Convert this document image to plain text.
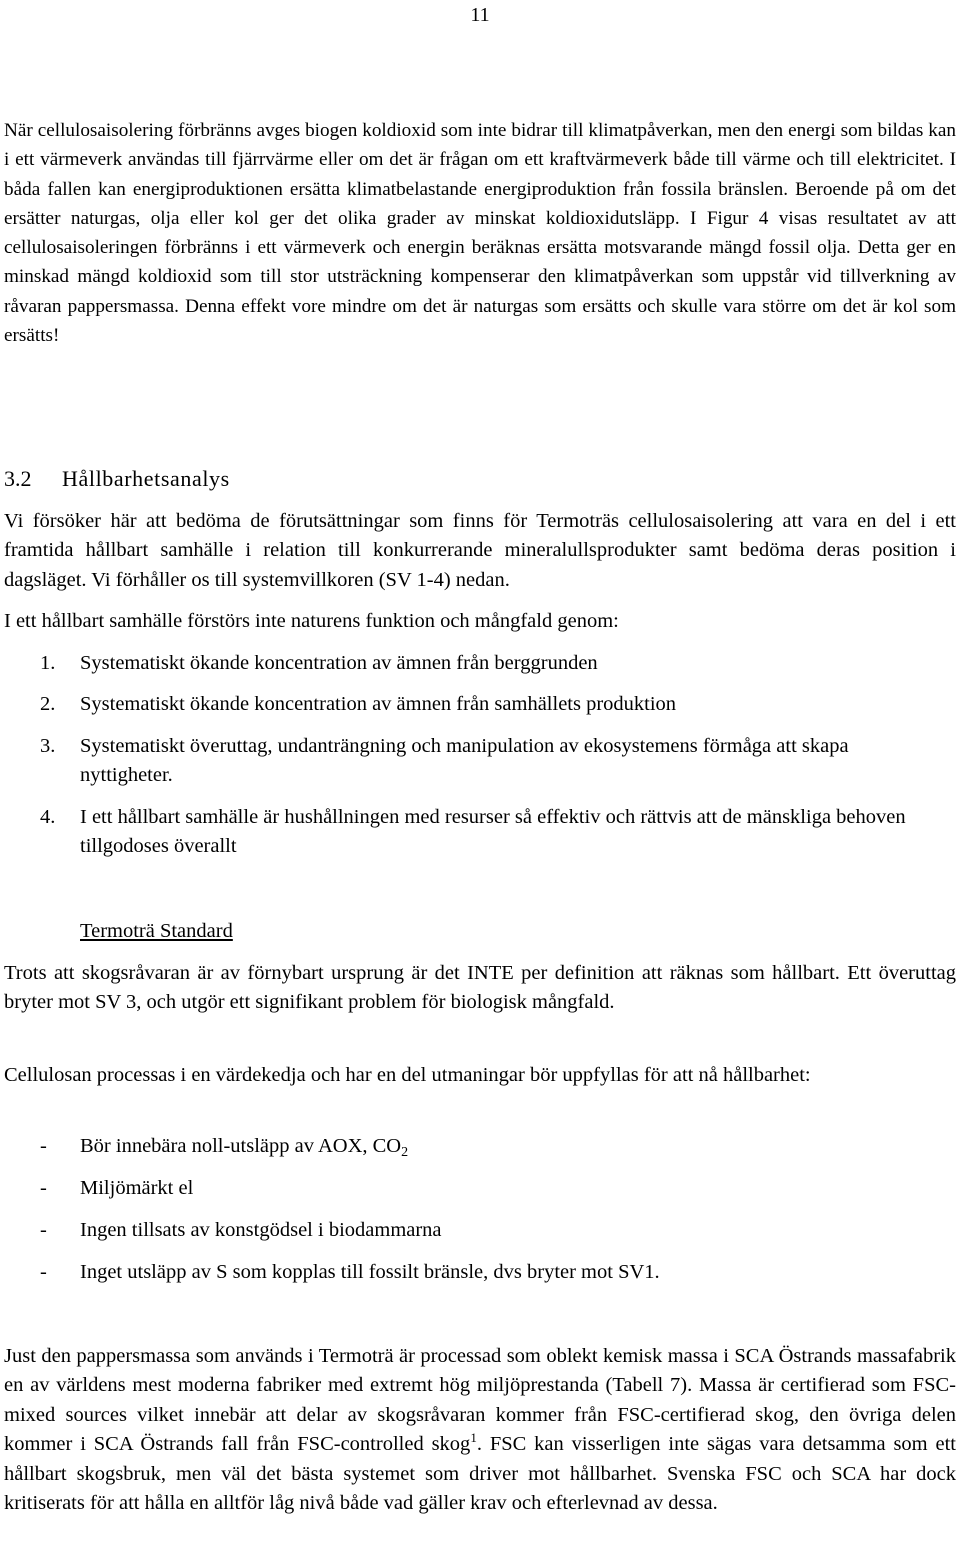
11

När cellulosaisolering förbränns avges biogen koldioxid som inte bidrar till klimatpåverkan, men den energi som bildas kan i ett värmeverk användas till fjärrvärme eller om det är frågan om ett kraftvärmeverk både till värme och till elektricitet. I båda fallen kan energiproduktionen ersätta klimatbelastande energiproduktion från fossila bränslen. Beroende på om det ersätter naturgas, olja eller kol ger det olika grader av minskat koldioxidutsläpp. I Figur 4 visas resultatet av att cellulosaisoleringen förbränns i ett värmeverk och energin beräknas ersätta motsvarande mängd fossil olja. Detta ger en minskad mängd koldioxid som till stor utsträckning kompenserar den klimatpåverkan som uppstår vid tillverkning av råvaran pappersmassa. Denna effekt vore mindre om det är naturgas som ersätts och skulle vara större om det är kol som ersätts!

3.2 Hållbarhetsanalys

Vi försöker här att bedöma de förutsättningar som finns för Termoträs cellulosaisolering att vara en del i ett framtida hållbart samhälle i relation till konkurrerande mineralullsprodukter samt bedöma deras position i dagsläget. Vi förhåller os till systemvillkoren (SV 1-4) nedan.

I ett hållbart samhälle förstörs inte naturens funktion och mångfald genom:

1. Systematiskt ökande koncentration av ämnen från berggrunden
2. Systematiskt ökande koncentration av ämnen från samhällets produktion
3. Systematiskt överuttag, undanträngning och manipulation av ekosystemens förmåga att skapa nyttigheter.
4. I ett hållbart samhälle är hushållningen med resurser så effektiv och rättvis att de mänskliga behoven tillgodoses överallt
Termoträ Standard

Trots att skogsråvaran är av förnybart ursprung är det INTE per definition att räknas som hållbart. Ett överuttag bryter mot SV 3, och utgör ett signifikant problem för biologisk mångfald.

Cellulosan processas i en värdekedja och har en del utmaningar bör uppfyllas för att nå hållbarhet:

- Bör innebära noll-utsläpp av AOX, $CO_2$
- Miljömärkt el
- Ingen tillsats av konstgödsel i biodammarna
- Inget utsläpp av S som kopplas till fossilt bränsle, dvs bryter mot SV1.

Just den pappersmassa som används i Termoträ är processad som oblekt kemisk massa i SCA Östrands massafabrik en av världens mest moderna fabriker med extremt hög miljöprestanda (Tabell 7). Massa är certifierad som FSC-mixed sources vilket innebär att delar av skogsråvaran kommer från FSC-certifierad skog, den övriga delen kommer i SCA Östrands fall från FSC-controlled skog$^1$. FSC kan visserligen inte sägas vara detsamma som ett hållbart skogsbruk, men väl det bästa systemet som driver mot hållbarhet. Svenska FSC och SCA har dock kritiserats för att hålla en alltför låg nivå både vad gäller krav och efterlevnad av dessa.
